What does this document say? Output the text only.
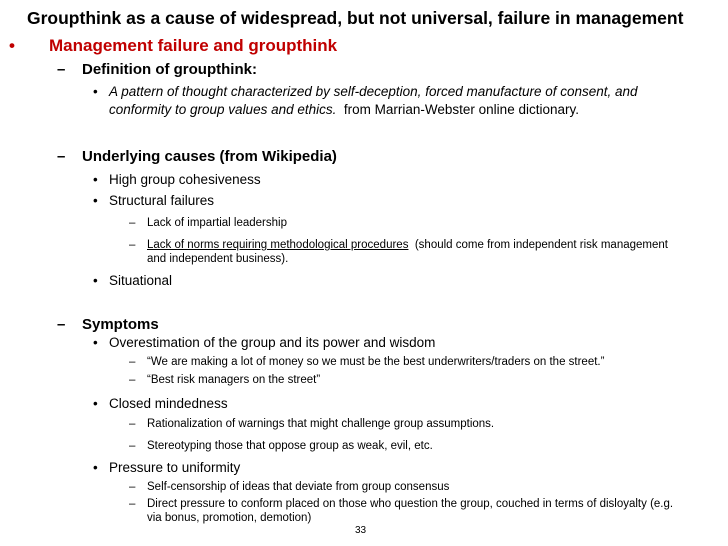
Groupthink as a cause of widespread, but not universal, failure in management
• Management failure and groupthink
– Definition of groupthink:
• A pattern of thought characterized by self-deception, forced manufacture of consent, and
conformity to group values and ethics. from Marrian-Webster online dictionary.
– Underlying causes (from Wikipedia)
• High group cohesiveness
• Structural failures
– Lack of impartial leadership
– Lack of norms requiring methodological procedures (should come from independent risk management
and independent business).
• Situational
– Symptoms
• Overestimation of the group and its power and wisdom
– “We are making a lot of money so we must be the best underwriters/traders on the street.”
– “Best risk managers on the street”
• Closed mindedness
– Rationalization of warnings that might challenge group assumptions.
– Stereotyping those that oppose group as weak, evil, etc.
• Pressure to uniformity
– Self-censorship of ideas that deviate from group consensus
– Direct pressure to conform placed on those who question the group, couched in terms of disloyalty (e.g.
via bonus, promotion, demotion)
33
